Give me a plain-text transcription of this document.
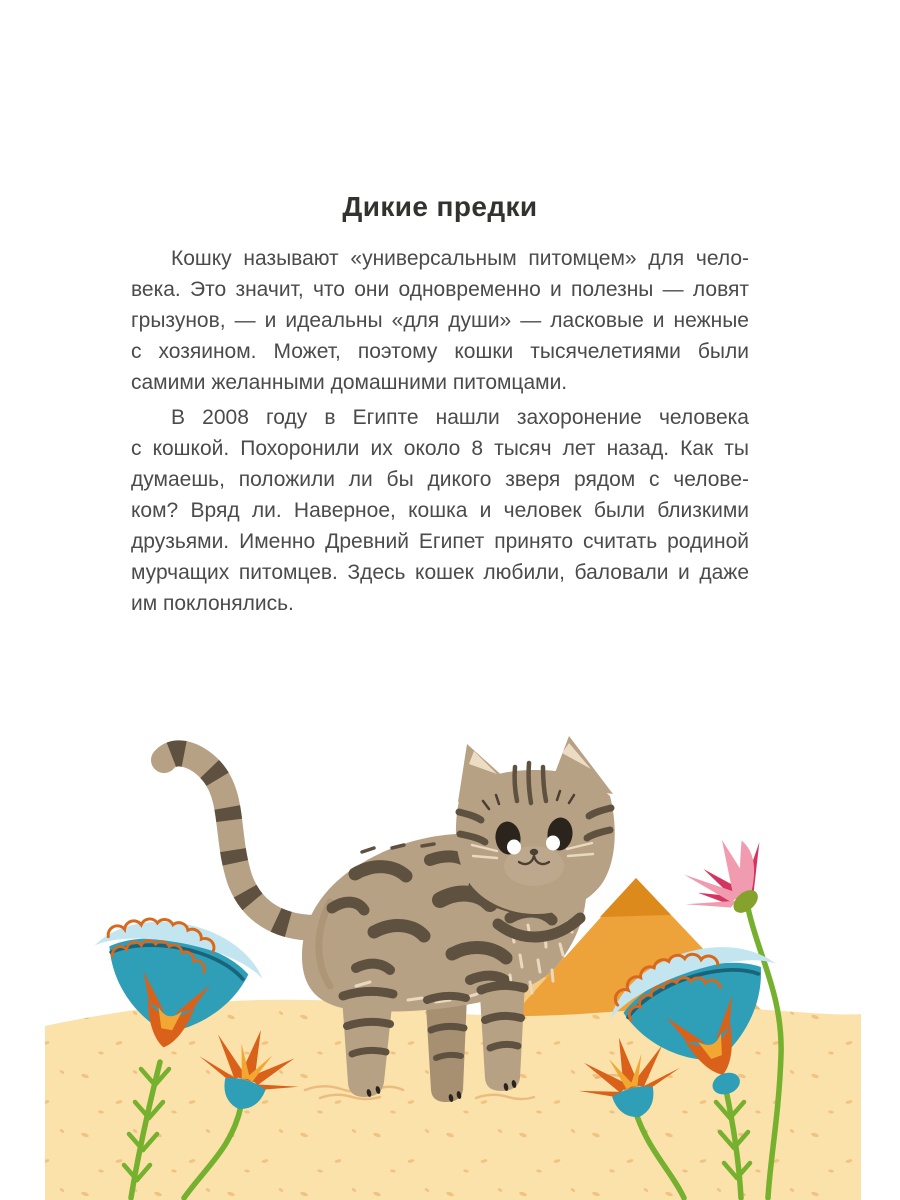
Дикие предки

Кошку называют «универсальным питомцем» для чело-
века. Это значит, что они одновременно и полезны — ловят
грызунов, — и идеальны «для души» — ласковые и нежные
с хозяином. Может, поэтому кошки тысячелетиями были
самими желанными домашними питомцами.

В 2008 году в Египте нашли захоронение человека
с кошкой. Похоронили их около 8 тысяч лет назад. Как ты
думаешь, положили ли бы дикого зверя рядом с челове-
ком? Вряд ли. Наверное, кошка и человек были близкими
друзьями. Именно Древний Египет принято считать родиной
мурчащих питомцев. Здесь кошек любили, баловали и даже
им поклонялись.
